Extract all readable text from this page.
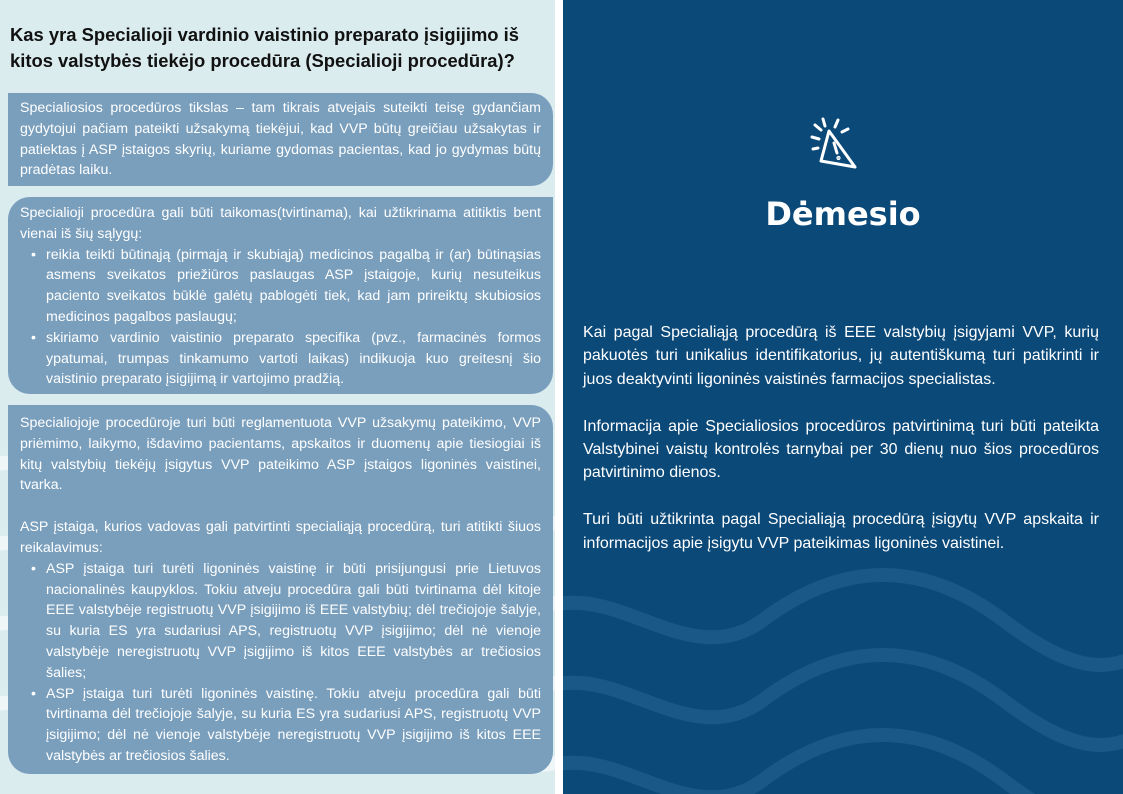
Kas yra Specialioji vardinio vaistinio preparato įsigijimo iš kitos valstybės tiekėjo procedūra (Specialioji procedūra)?

Specialiosios procedūros tikslas – tam tikrais atvejais suteikti teisę gydančiam gydytojui pačiam pateikti užsakymą tiekėjui, kad VVP būtų greičiau užsakytas ir patiektas į ASP įstaigos skyrių, kuriame gydomas pacientas, kad jo gydymas būtų pradėtas laiku.

Specialioji procedūra gali būti taikomas(tvirtinama), kai užtikrinama atitiktis bent vienai iš šių sąlygų:

• reikia teikti būtinąją (pirmąją ir skubiąją) medicinos pagalbą ir (ar) būtinąsias asmens sveikatos priežiūros paslaugas ASP įstaigoje, kurių nesuteikus paciento sveikatos būklė galėtų pablogėti tiek, kad jam prireiktų skubiosios medicinos pagalbos paslaugų;
• skiriamo vardinio vaistinio preparato specifika (pvz., farmacinės formos ypatumai, trumpas tinkamumo vartoti laikas) indikuoja kuo greitesnį šio vaistinio preparato įsigijimą ir vartojimo pradžią.

Specialiojoje procedūroje turi būti reglamentuota VVP užsakymų pateikimo, VVP priėmimo, laikymo, išdavimo pacientams, apskaitos ir duomenų apie tiesiogiai iš kitų valstybių tiekėjų įsigytus VVP pateikimo ASP įstaigos ligoninės vaistinei, tvarka.

ASP įstaiga, kurios vadovas gali patvirtinti specialiąją procedūrą, turi atitikti šiuos reikalavimus:

• ASP įstaiga turi turėti ligoninės vaistinę ir būti prisijungusi prie Lietuvos nacionalinės kaupyklos. Tokiu atveju procedūra gali būti tvirtinama dėl kitoje EEE valstybėje registruotų VVP įsigijimo iš EEE valstybių; dėl trečiojoje šalyje, su kuria ES yra sudariusi APS, registruotų VVP įsigijimo; dėl nė vienoje valstybėje neregistruotų VVP įsigijimo iš kitos EEE valstybės ar trečiosios šalies;
• ASP įstaiga turi turėti ligoninės vaistinę. Tokiu atveju procedūra gali būti tvirtinama dėl trečiojoje šalyje, su kuria ES yra sudariusi APS, registruotų VVP įsigijimo; dėl nė vienoje valstybėje neregistruotų VVP įsigijimo iš kitos EEE valstybės ar trečiosios šalies.
Dėmesio

Kai pagal Specialiąją procedūrą iš EEE valstybių įsigyjami VVP, kurių pakuotės turi unikalius identifikatorius, jų autentiškumą turi patikrinti ir juos deaktyvinti ligoninės vaistinės farmacijos specialistas.

Informacija apie Specialiosios procedūros patvirtinimą turi būti pateikta Valstybinei vaistų kontrolės tarnybai per 30 dienų nuo šios procedūros patvirtinimo dienos.

Turi būti užtikrinta pagal Specialiąją procedūrą įsigytų VVP apskaita ir informacijos apie įsigytu VVP pateikimas ligoninės vaistinei.
